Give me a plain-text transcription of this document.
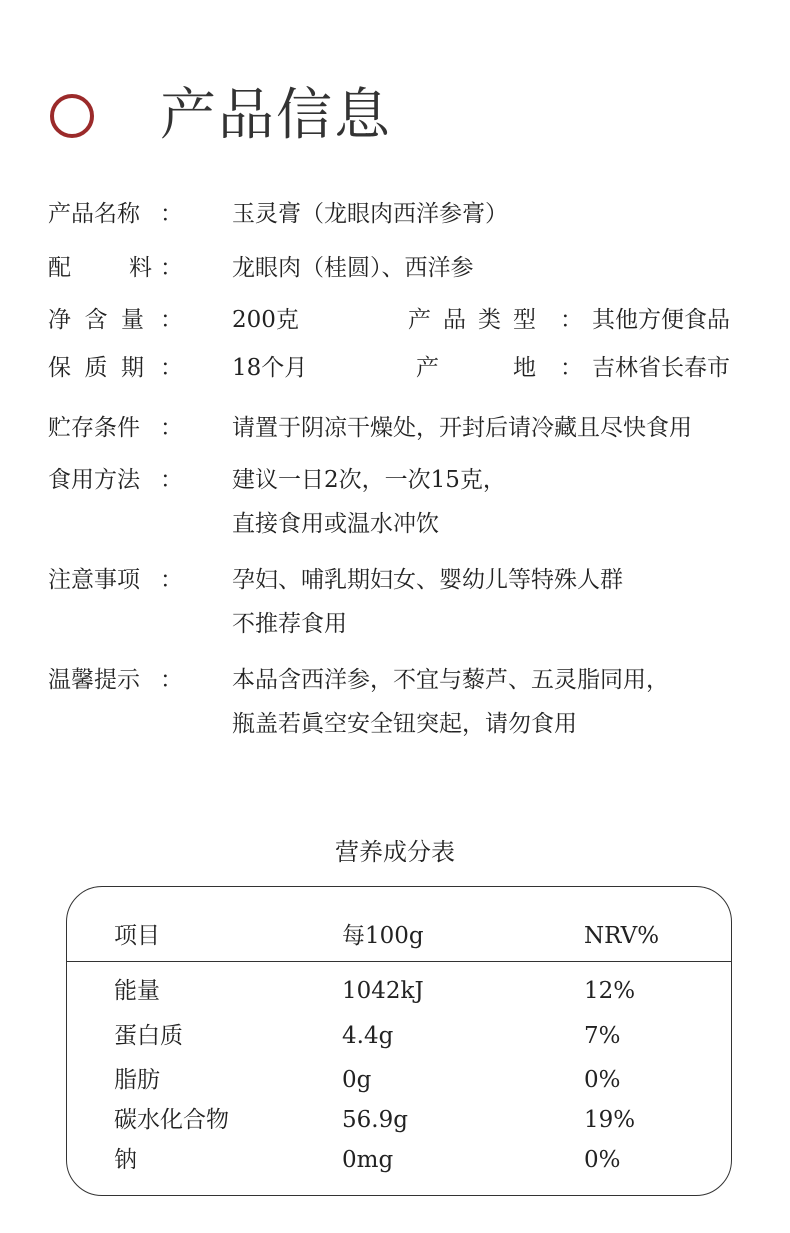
产品信息
产品名称 ： 玉灵膏（龙眼肉西洋参膏）
配	料 ： 龙眼肉（桂圆）、西洋参
净 含 量 ： 200克	产 品 类 型 ： 其他方便食品
保 质 期 ： 18个月	产	地 ： 吉林省长春市
贮存条件 ： 请置于阴凉干燥处，开封后请冷藏且尽快食用
食用方法 ： 建议一日2次，一次15克，
直接食用或温水冲饮
注意事项 ： 孕妇、哺乳期妇女、婴幼儿等特殊人群
不推荐食用
温馨提示 ： 本品含西洋参，不宜与藜芦、五灵脂同用，
瓶盖若眞空安全钮突起，请勿食用
营养成分表
项目	每100g	NRV%
能量	1042kJ	12%
蛋白质	4.4g	7%
脂肪	0g	0%
碳水化合物	56.9g	19%
钠	0mg	0%
